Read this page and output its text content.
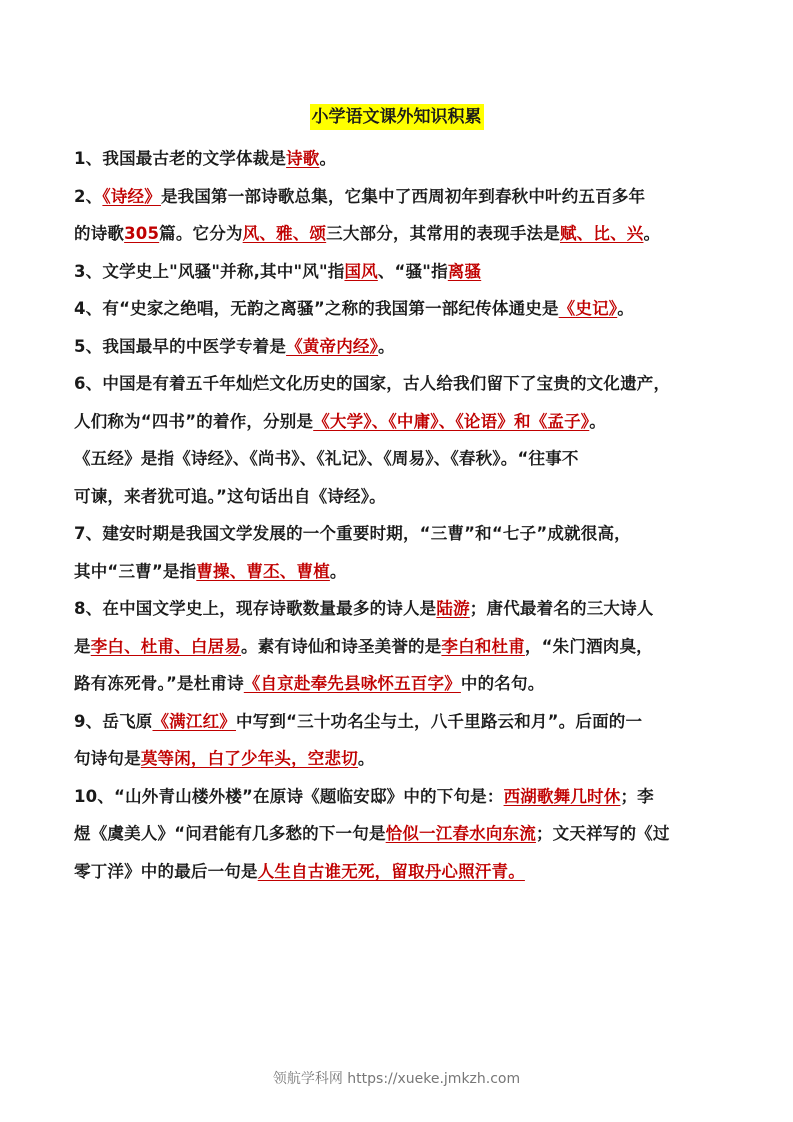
小学语文课外知识积累
1、我国最古老的文学体裁是诗歌。
2、《诗经》是我国第一部诗歌总集，它集中了西周初年到春秋中叶约五百多年
的诗歌305篇。它分为风、雅、颂三大部分，其常用的表现手法是赋、比、兴。
3、文学史上"风骚"并称,其中"风"指国风、“骚"指离骚
4、有“史家之绝唱，无韵之离骚”之称的我国第一部纪传体通史是《史记》。
5、我国最早的中医学专着是《黄帝内经》。
6、中国是有着五千年灿烂文化历史的国家，古人给我们留下了宝贵的文化遗产，
人们称为“四书”的着作，分别是《大学》、《中庸》、《论语》和《孟子》。
《五经》是指《诗经》、《尚书》、《礼记》、《周易》、《春秋》。“往事不
可谏，来者犹可追。”这句话出自《诗经》。
7、建安时期是我国文学发展的一个重要时期，“三曹”和“七子”成就很高，
其中“三曹”是指曹操、曹丕、曹植。
8、在中国文学史上，现存诗歌数量最多的诗人是陆游；唐代最着名的三大诗人
是李白、杜甫、白居易。素有诗仙和诗圣美誉的是李白和杜甫，“朱门酒肉臭，
路有冻死骨。”是杜甫诗《自京赴奉先县咏怀五百字》中的名句。
9、岳飞原《满江红》中写到“三十功名尘与土，八千里路云和月”。后面的一
句诗句是莫等闲，白了少年头，空悲切。
10、“山外青山楼外楼”在原诗《题临安邸》中的下句是：西湖歌舞几时休；李
煜《虞美人》“问君能有几多愁的下一句是恰似一江春水向东流；文天祥写的《过
零丁洋》中的最后一句是人生自古谁无死，留取丹心照汗青。
领航学科网 https://xueke.jmkzh.com
